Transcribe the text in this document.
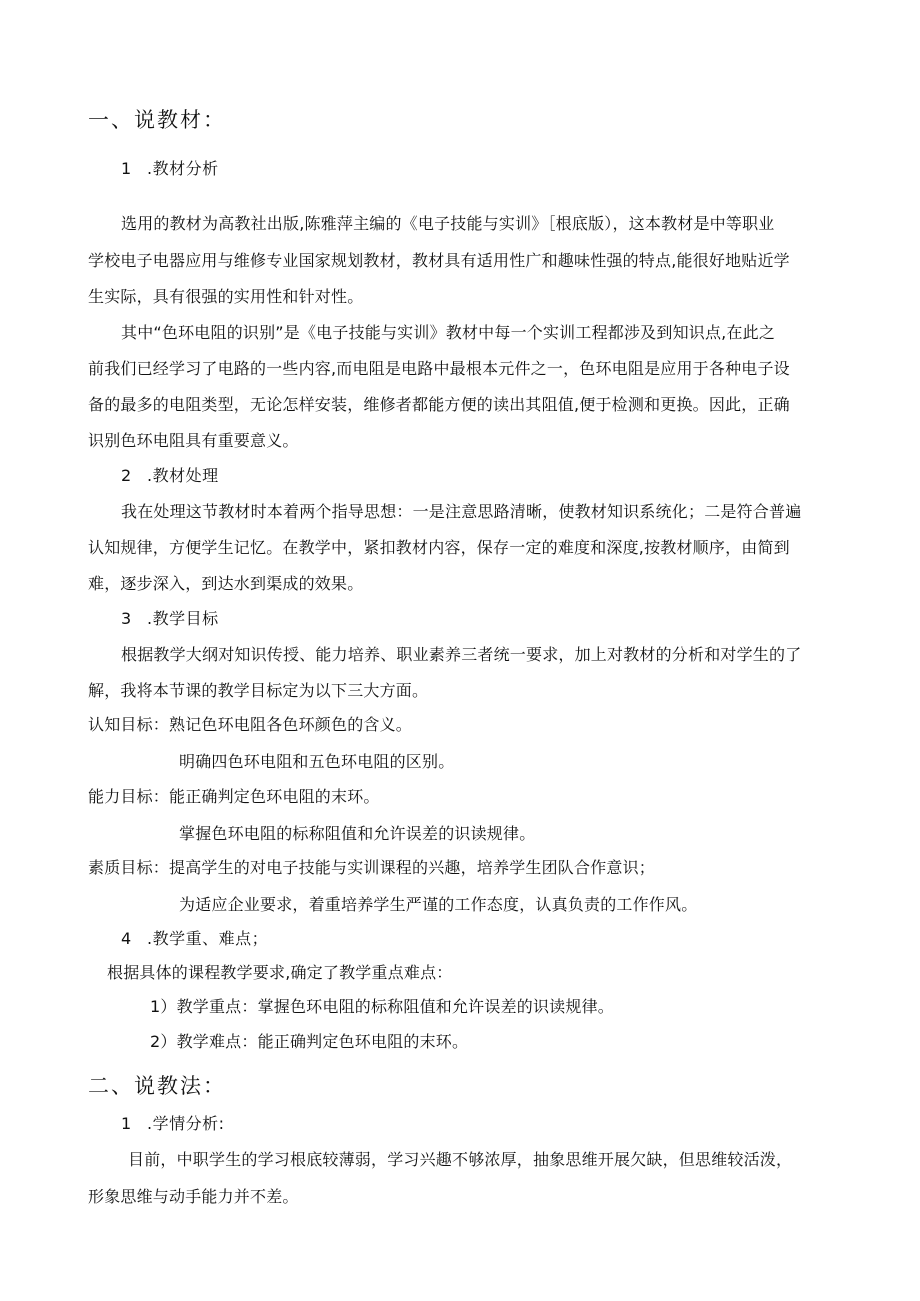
一、说教材：
1 .教材分析
选用的教材为高教社出版,陈雅萍主编的《电子技能与实训》［根底版），这本教材是中等职业
学校电子电器应用与维修专业国家规划教材，教材具有适用性广和趣味性强的特点,能很好地贴近学
生实际，具有很强的实用性和针对性。
其中“色环电阻的识别”是《电子技能与实训》教材中每一个实训工程都涉及到知识点,在此之
前我们已经学习了电路的一些内容,而电阻是电路中最根本元件之一，色环电阻是应用于各种电子设
备的最多的电阻类型，无论怎样安装，维修者都能方便的读出其阻值,便于检测和更换。因此，正确
识别色环电阻具有重要意义。
2 .教材处理
我在处理这节教材时本着两个指导思想：一是注意思路清晰，使教材知识系统化；二是符合普遍
认知规律，方便学生记忆。在教学中，紧扣教材内容，保存一定的难度和深度,按教材顺序，由简到
难，逐步深入，到达水到渠成的效果。
3 .教学目标
根据教学大纲对知识传授、能力培养、职业素养三者统一要求，加上对教材的分析和对学生的了
解，我将本节课的教学目标定为以下三大方面。
认知目标：熟记色环电阻各色环颜色的含义。
明确四色环电阻和五色环电阻的区别。
能力目标：能正确判定色环电阻的末环。
掌握色环电阻的标称阻值和允许误差的识读规律。
素质目标：提高学生的对电子技能与实训课程的兴趣，培养学生团队合作意识；
为适应企业要求，着重培养学生严谨的工作态度，认真负责的工作作风。
4 .教学重、难点；
根据具体的课程教学要求,确定了教学重点难点：
1）教学重点：掌握色环电阻的标称阻值和允许误差的识读规律。
2）教学难点：能正确判定色环电阻的末环。
二、说教法：
1 .学情分析:
目前，中职学生的学习根底较薄弱，学习兴趣不够浓厚，抽象思维开展欠缺，但思维较活泼，
形象思维与动手能力并不差。
